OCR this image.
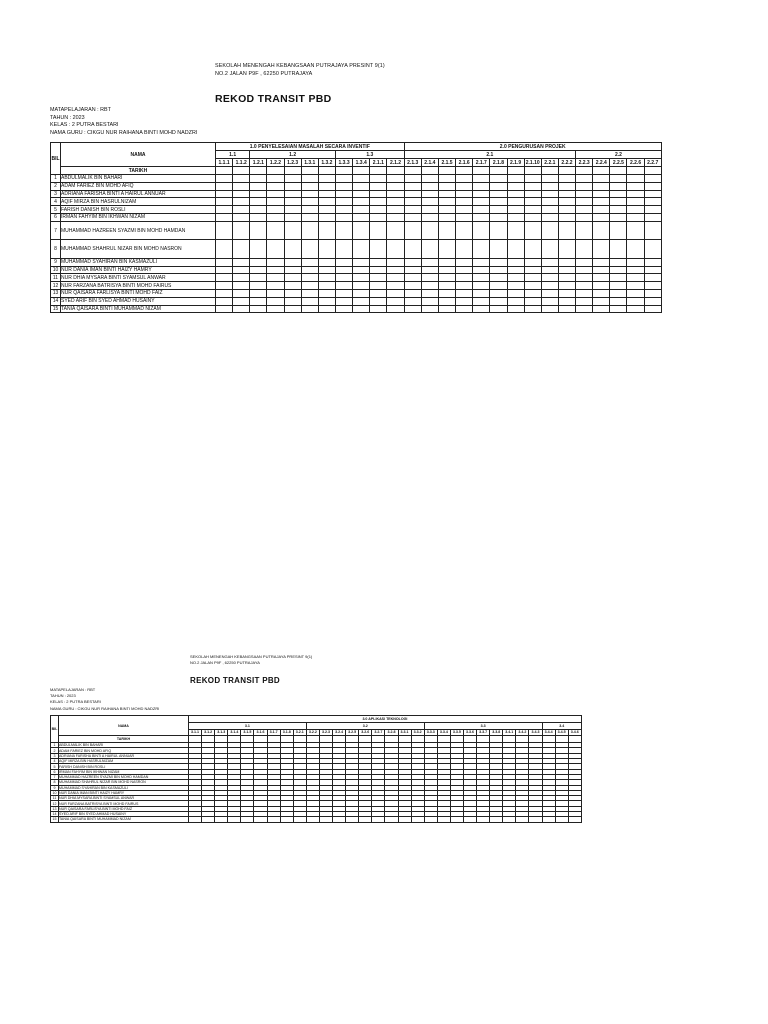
SEKOLAH MENENGAH KEBANGSAAN PUTRAJAYA PRESINT 9(1)
NO.2 JALAN P9F , 62250 PUTRAJAYA
REKOD TRANSIT PBD
MATAPELAJARAN : RBT
TAHUN : 2023
KELAS : 2 PUTRA BESTARI
NAMA GURU : CIKGU NUR RAIHANA BINTI MOHD NADZRI
BIL		1.0 PENYELESAIAN MASALAH SECARA INVENTIF											2.0 PENGURUSAN PROJEK														
	NAMA	1.1		1.2					1.3				2.1										2.2				
		1.1.1	1.1.2	1.2.1	1.2.2	1.2.3	1.3.1	1.3.2	1.3.3	1.3.4	2.1.1	2.1.2	2.1.3	2.1.4	2.1.5	2.1.6	2.1.7	2.1.8	2.1.9	2.1.10	2.2.1	2.2.2	2.2.3	2.2.4	2.2.5	2.2.6	2.2.7
	TARIKH																										
1	ABDULMALIK BIN BAHARI																										
2	ADAM FARIEZ BIN MOHD AFIQ																										
3	ADRIANA FARISHA BINTI A HAIRUL ANNUAR																										
4	AQIF MIRZA BIN HASRULNIZAM																										
5	FARISH DANISH BIN ROSLI																										
6	IRMAN FAHYIM BIN IKHWAN NIZAM																										
7	MUHAMMAD HAZREEN SYAZMI BIN MOHD HAMDAN																										
8	MUHAMMAD SHAHRUL NIZAR BIN MOHD NASRON																										
9	MUHAMMAD SYAHIRAN BIN KASMAZULI																										
10	NUR DANIA IMAN BINTI HAIZY HAMRY																										
11	NUR DHIA MYSARA BINTI SYAMSUL ANWAR																										
12	NUR FARZANA BATRISYA BINTI MOHD FAIRUS																										
13	NUR QAISARA FARLISYA BINTI MOHD FAIZ																										
14	SYED ARIF BIN SYED AHMAD HUSAINY																										
15	TANIA QAISARA BINTI MUHAMMAD NIZAM																										
SEKOLAH MENENGAH KEBANGSAAN PUTRAJAYA PRESINT 9(1)
NO.2 JALAN P9F , 62250 PUTRAJAYA
REKOD TRANSIT PBD
MATAPELAJARAN : RBT
TAHUN : 2023
KELAS : 2 PUTRA BESTARI
NAMA GURU : CIKGU NUR RAIHANA BINTI MOHD NADZRI
BIL		3.0 APLIKASI TEKNOLOGI																													
	NAMA	3.1									3.2									3.3									3.4		
		3.1.1	3.1.2	3.1.3	3.1.4	3.1.5	3.1.6	3.1.7	3.1.8	3.2.1	3.2.2	3.2.3	3.2.4	3.2.5	3.2.6	3.2.7	3.2.8	3.3.1	3.3.2	3.3.3	3.3.4	3.3.5	3.3.6	3.3.7	3.3.8	3.4.1	3.4.2	3.4.3	3.4.4	3.4.5	3.4.6
	TARIKH																														
1	ABDULMALIK BIN BAHARI																														
2	ADAM FARIEZ BIN MOHD AFIQ																														
3	ADRIANA FARISHA BINTI A HAIRUL ANNUAR																														
4	AQIF MIRZA BIN HASRULNIZAM																														
5	FARISH DANISH BIN ROSLI																														
6	IRMAN FAHYIM BIN IKHWAN NIZAM																														
7	MUHAMMAD HAZREEN SYAZMI BIN MOHD HAMDAN																														
8	MUHAMMAD SHAHRUL NIZAR BIN MOHD NASRON																														
9	MUHAMMAD SYAHIRAN BIN KASMAZULI																														
10	NUR DANIA IMAN BINTI HAIZY HAMRY																														
11	NUR DHIA MYSARA BINTI SYAMSUL ANWAR																														
12	NUR FARZANA BATRISYA BINTI MOHD FAIRUS																														
13	NUR QAISARA FARLISYA BINTI MOHD FAIZ																														
14	SYED ARIF BIN SYED AHMAD HUSAINY																														
15	TANIA QAISARA BINTI MUHAMMAD NIZAM																														
